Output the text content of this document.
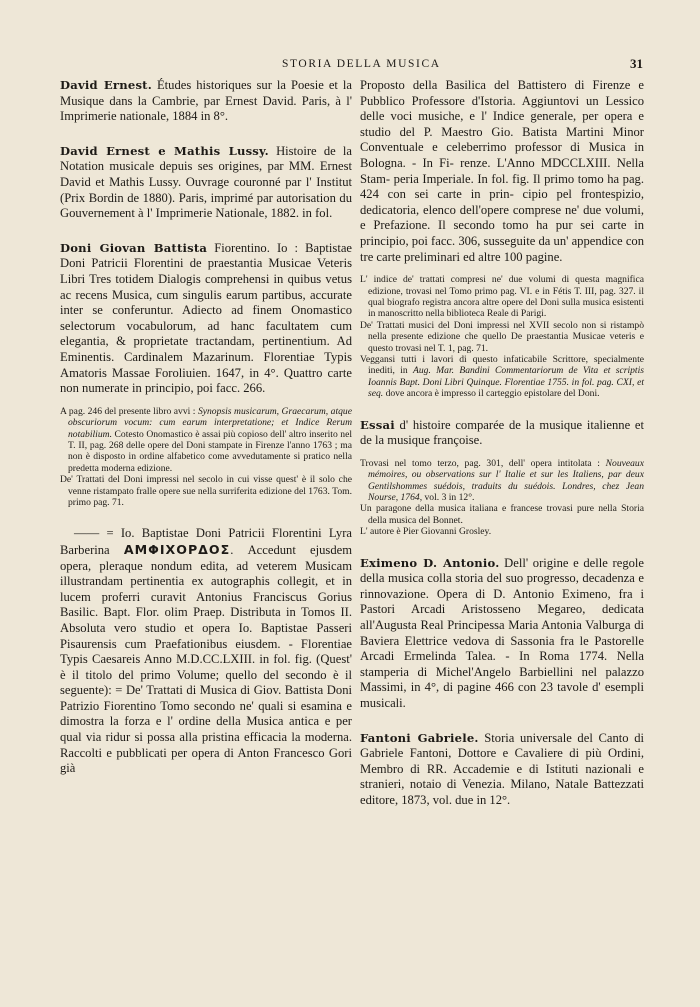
STORIA DELLA MUSICA	31

David Ernest. Études historiques sur la Poesie et la Musique dans la Cambrie, par Ernest David. Paris, à l' Imprimerie nationale, 1884 in 8°.

David Ernest e Mathis Lussy. Histoire de la Notation musicale depuis ses origines, par MM. Ernest David et Mathis Lussy. Ouvrage couronné par l' Institut (Prix Bordin de 1880). Paris, imprimé par autorisation du Gouvernement à l' Imprimerie Nationale, 1882. in fol.

Doni Giovan Battista Fiorentino. Io : Baptistae Doni Patricii Florentini de praestantia Musicae Veteris Libri Tres totidem Dialogis comprehensi in quibus vetus ac recens Musica, cum singulis earum partibus, accurate inter se conferuntur. Adiecto ad finem Onomastico selectorum vocabulorum, ad hanc facultatem cum elegantia, & proprietate tractandam, pertinentium. Ad Eminentis. Cardinalem Mazarinum. Florentiae Typis Amatoris Massae Foroliuien. 1647, in 4°. Quattro carte non numerate in principio, poi facc. 266.

A pag. 246 del presente libro avvi : Synopsis musicarum, Graecarum, atque obscuriorum vocum: cum earum interpretatione; et Indice Rerum notabilium. Cotesto Onomastico è assai più copioso dell' altro inserito nel T. II, pag. 268 delle opere del Doni stampate in Firenze l'anno 1763 ; ma non è disposto in ordine alfabetico come avvedutamente si pratico nella predetta moderna edizione.

De' Trattati del Doni impressi nel secolo in cui visse quest' è il solo che venne ristampato fralle opere sue nella surriferita edizione del 1763. Tom. primo pag. 71.

—— = Io. Baptistae Doni Patricii Florentini Lyra Barberina ΑΜΦΙΧΟΡΔΟΣ. Accedunt ejusdem opera, pleraque nondum edita, ad veterem Musicam illustrandam pertinentia ex autographis collegit, et in lucem proferri curavit Antonius Franciscus Gorius Basilic. Bapt. Flor. olim Praep. Distributa in Tomos II. Absoluta vero studio et opera Io. Baptistae Passeri Pisaurensis cum Praefationibus eiusdem. - Florentiae Typis Caesareis Anno M.D.CC.LXIII. in fol. fig. (Quest' è il titolo del primo Volume; quello del secondo è il seguente): = De' Trattati di Musica di Giov. Battista Doni Patrizio Fiorentino Tomo secondo ne' quali si esamina e dimostra la forza e l' ordine della Musica antica e per qual via ridur si possa alla pristina efficacia la moderna. Raccolti e pubblicati per opera di Anton Francesco Gori già

Proposto della Basilica del Battistero di Firenze e Pubblico Professore d'Istoria. Aggiuntovi un Lessico delle voci musiche, e l' Indice generale, per opera e studio del P. Maestro Gio. Batista Martini Minor Conventuale e celeberrimo professor di Musica in Bologna. - In Fi- renze. L'Anno MDCCLXIII. Nella Stam- peria Imperiale. In fol. fig. Il primo tomo ha pag. 424 con sei carte in prin- cipio pel frontespizio, dedicatoria, elenco dell'opere comprese ne' due volumi, e Prefazione. Il secondo tomo ha pur sei carte in principio, poi facc. 306, susseguite da un' appendice con tre carte preliminari ed altre 100 pagine.

L' indice de' trattati compresi ne' due volumi di questa magnifica edizione, trovasi nel Tomo primo pag. VI. e in Fétis T. III, pag. 327. il qual biografo registra ancora altre opere del Doni sulla musica esistenti in manoscritto nella biblioteca Reale di Parigi.

De' Trattati musici del Doni impressi nel XVII secolo non si ristampò nella presente edizione che quello De praestantia Musicae veteris e questo trovasi nel T. 1, pag. 71.

Veggansi tutti i lavori di questo infaticabile Scrittore, specialmente inediti, in Aug. Mar. Bandini Commentariorum de Vita et scriptis Ioannis Bapt. Doni Libri Quinque. Florentiae 1755. in fol. pag. CXI, et seq. dove ancora è impresso il carteggio epistolare del Doni.

Essai d' histoire comparée de la musique italienne et de la musique françoise.

Trovasi nel tomo terzo, pag. 301, dell' opera intitolata : Nouveaux mémoires, ou observations sur l' Italie et sur les Italiens, par deux Gentilshommes suédois, traduits du suédois. Londres, chez Jean Nourse, 1764, vol. 3 in 12°.

Un paragone della musica italiana e francese trovasi pure nella Storia della musica del Bonnet.

L' autore è Pier Giovanni Grosley.

Eximeno D. Antonio. Dell' origine e delle regole della musica colla storia del suo progresso, decadenza e rinnovazione. Opera di D. Antonio Eximeno, fra i Pastori Arcadi Aristosseno Megareo, dedicata all'Augusta Real Principessa Maria Antonia Valburga di Baviera Elettrice vedova di Sassonia fra le Pastorelle Arcadi Ermelinda Talea. - In Roma 1774. Nella stamperia di Michel'Angelo Barbiellini nel palazzo Massimi, in 4°, di pagine 466 con 23 tavole d' esempli musicali.

Fantoni Gabriele. Storia universale del Canto di Gabriele Fantoni, Dottore e Cavaliere di più Ordini, Membro di RR. Accademie e di Istituti nazionali e stranieri, notaio di Venezia. Milano, Natale Battezzati editore, 1873, vol. due in 12°.
